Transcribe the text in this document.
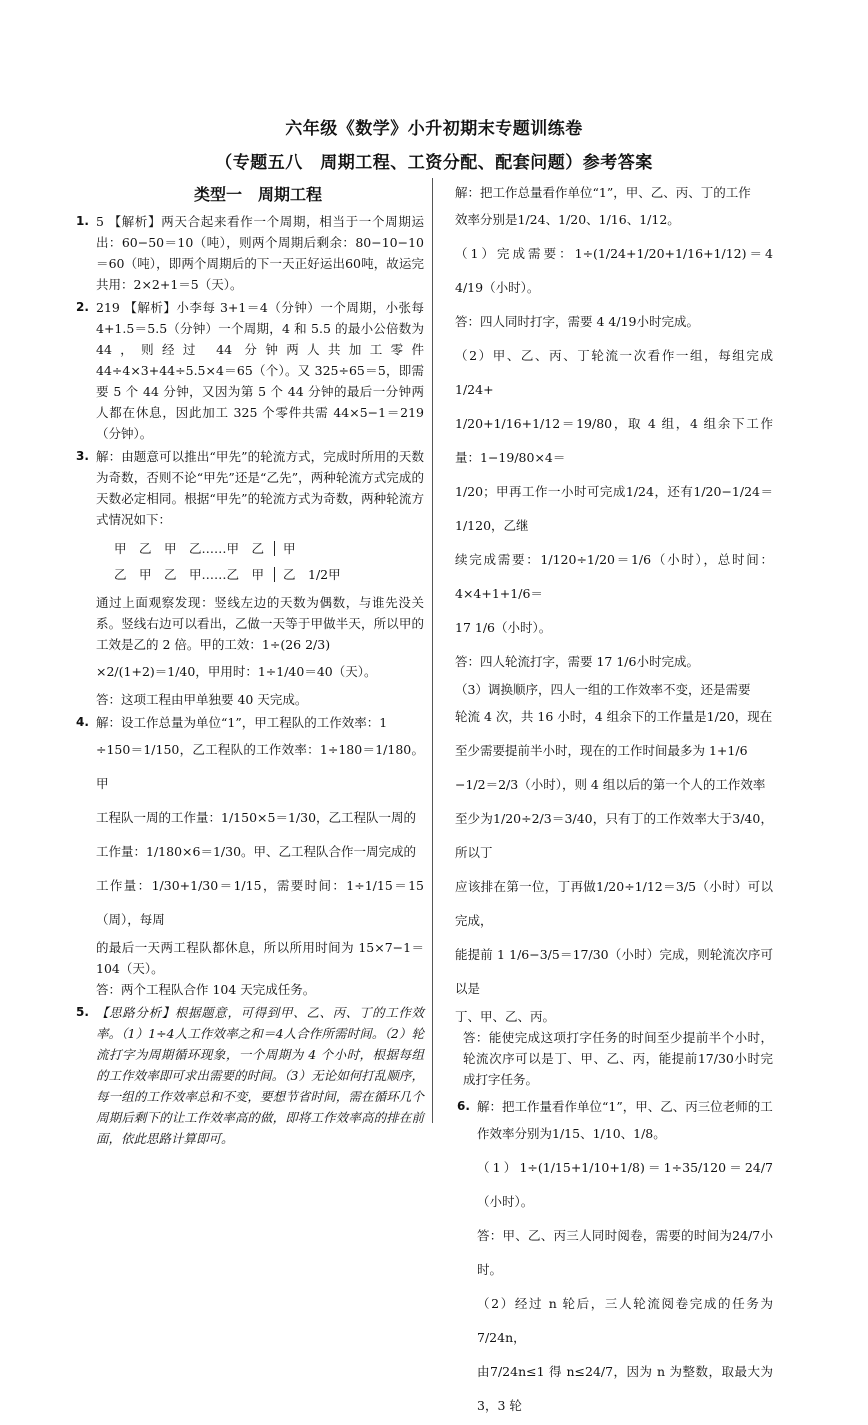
六年级《数学》小升初期末专题训练卷
（专题五八　周期工程、工资分配、配套问题）参考答案
类型一　周期工程
1. 5 【解析】两天合起来看作一个周期，相当于一个周期运出：60−50＝10（吨），则两个周期后剩余：80−10−10＝60（吨），即两个周期后的下一天正好运出60吨，故运完共用：2×2+1＝5（天）。

2. 219 【解析】小李每 3+1＝4（分钟）一个周期，小张每 4+1.5＝5.5（分钟）一个周期，4 和 5.5 的最小公倍数为 44，则经过 44 分钟两人共加工零件 44÷4×3+44÷5.5×4＝65（个）。又 325÷65＝5，即需要 5 个 44 分钟，又因为第 5 个 44 分钟的最后一分钟两人都在休息，因此加工 325 个零件共需 44×5−1＝219（分钟）。

3. 解：由题意可以推出“甲先”的轮流方式，完成时所用的天数为奇数，否则不论“甲先”还是“乙先”，两种轮流方式完成的天数必定相同。根据“甲先”的轮流方式为奇数，两种轮流方式情况如下：

甲　乙　甲　乙……甲　乙 甲
乙　甲　乙　甲……乙　甲 乙　1/2甲

通过上面观察发现：竖线左边的天数为偶数，与谁先没关系。竖线右边可以看出，乙做一天等于甲做半天，所以甲的工效是乙的 2 倍。甲的工效：1÷(26 2/3)

×2/(1+2)＝1/40，甲用时：1÷1/40＝40（天）。

答：这项工程由甲单独要 40 天完成。

4. 解：设工作总量为单位“1”，甲工程队的工作效率：1

÷150＝1/150，乙工程队的工作效率：1÷180＝1/180。甲

工程队一周的工作量：1/150×5＝1/30，乙工程队一周的

工作量：1/180×6＝1/30。甲、乙工程队合作一周完成的

工作量：1/30+1/30＝1/15，需要时间：1÷1/15＝15（周），每周

的最后一天两工程队都休息，所以所用时间为 15×7−1＝104（天）。

答：两个工程队合作 104 天完成任务。

5. 【思路分析】根据题意，可得到甲、乙、丙、丁的工作效率。（1）1÷4人工作效率之和＝4人合作所需时间。（2）轮流打字为周期循环现象，一个周期为 4 个小时，根据每组的工作效率即可求出需要的时间。（3）无论如何打乱顺序，每一组的工作效率总和不变，要想节省时间，需在循环几个周期后剩下的让工作效率高的做，即将工作效率高的排在前面，依此思路计算即可。

解：把工作总量看作单位“1”，甲、乙、丙、丁的工作

效率分别是1/24、1/20、1/16、1/12。

（1）完成需要：1÷(1/24+1/20+1/16+1/12)＝4 4/19（小时）。

答：四人同时打字，需要 4 4/19小时完成。

（2）甲、乙、丙、丁轮流一次看作一组，每组完成1/24+

1/20+1/16+1/12＝19/80，取 4 组，4 组余下工作量：1−19/80×4＝

1/20；甲再工作一小时可完成1/24，还有1/20−1/24＝1/120，乙继

续完成需要：1/120÷1/20＝1/6（小时），总时间：4×4+1+1/6＝

17 1/6（小时）。

答：四人轮流打字，需要 17 1/6小时完成。

（3）调换顺序，四人一组的工作效率不变，还是需要

轮流 4 次，共 16 小时，4 组余下的工作量是1/20，现在

至少需要提前半小时，现在的工作时间最多为 1+1/6

−1/2＝2/3（小时），则 4 组以后的第一个人的工作效率

至少为1/20÷2/3＝3/40，只有丁的工作效率大于3/40，所以丁

应该排在第一位，丁再做1/20÷1/12＝3/5（小时）可以完成，

能提前 1 1/6−3/5＝17/30（小时）完成，则轮流次序可以是

丁、甲、乙、丙。

答：能使完成这项打字任务的时间至少提前半个小时，轮流次序可以是丁、甲、乙、丙，能提前17/30小时完成打字任务。

6. 解：把工作量看作单位“1”，甲、乙、丙三位老师的工

作效率分别为1/15、1/10、1/8。

（1）1÷(1/15+1/10+1/8)＝1÷35/120＝24/7（小时）。

答：甲、乙、丙三人同时阅卷，需要的时间为24/7小时。

（2）经过 n 轮后，三人轮流阅卷完成的任务为7/24n，

由7/24n≤1 得 n≤24/7，因为 n 为整数，取最大为 3，3 轮
